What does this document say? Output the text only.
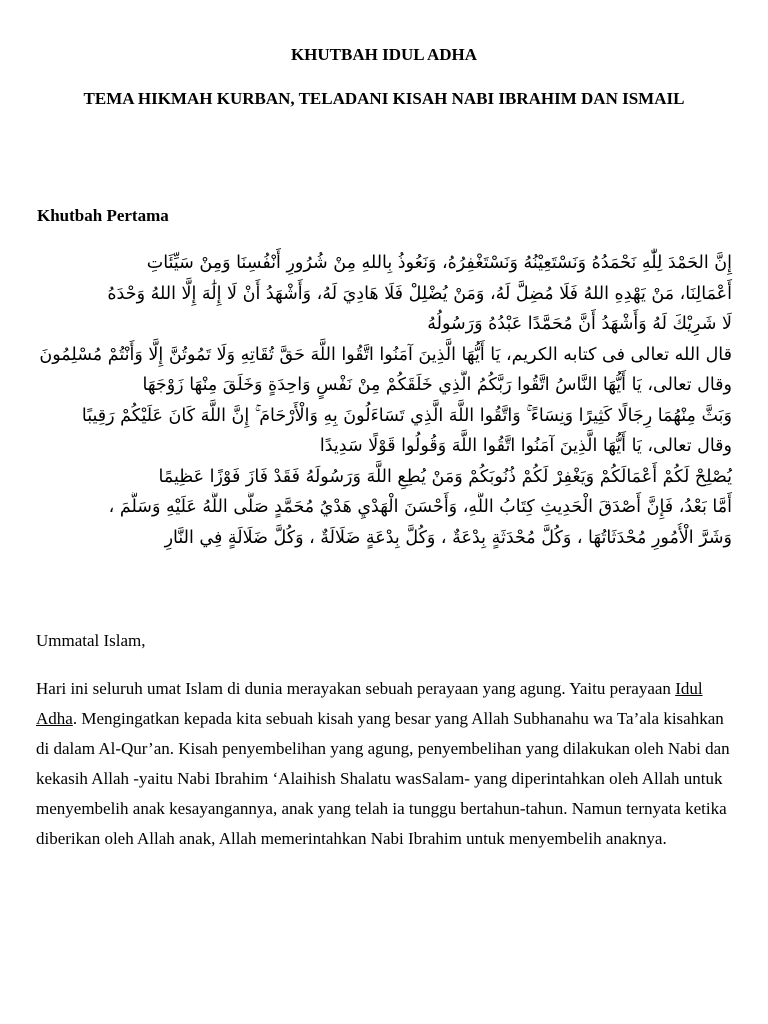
KHUTBAH IDUL ADHA
TEMA HIKMAH KURBAN, TELADANI KISAH NABI IBRAHIM DAN ISMAIL
Khutbah Pertama
إِنَّ الحَمْدَ لِلّٰهِ نَحْمَدُهُ وَنَسْتَعِيْنُهُ وَنَسْتَغْفِرُهُ، وَنَعُوذُ بِاللهِ مِنْ شُرُورِ أَنْفُسِنَا وَمِنْ سَيِّئَاتِ
أَعْمَالِنَا، مَنْ يَهْدِهِ اللهُ فَلَا مُضِلَّ لَهُ، وَمَنْ يُضْلِلْ فَلَا هَادِيَ لَهُ، وَأَشْهَدُ أَنْ لَا إِلَٰهَ إِلَّا اللهُ وَحْدَهُ
لَا شَرِيْكَ لَهُ وَأَشْهَدُ أَنَّ مُحَمَّدًا عَبْدُهُ وَرَسُولُهُ
قال الله تعالى فى كتابه الكريم، يَا أَيُّهَا الَّذِينَ آمَنُوا اتَّقُوا اللَّهَ حَقَّ تُقَاتِهِ وَلَا تَمُوتُنَّ إِلَّا وَأَنْتُمْ مُسْلِمُونَ
وقال تعالى، يَا أَيُّهَا النَّاسُ اتَّقُوا رَبَّكُمُ الَّذِي خَلَقَكُمْ مِنْ نَفْسٍ وَاحِدَةٍ وَخَلَقَ مِنْهَا زَوْجَهَا
وَبَثَّ مِنْهُمَا رِجَالًا كَثِيرًا وَنِسَاءً ۚ وَاتَّقُوا اللَّهَ الَّذِي تَسَاءَلُونَ بِهِ وَالْأَرْحَامَ ۚ إِنَّ اللَّهَ كَانَ عَلَيْكُمْ رَقِيبًا
وقال تعالى، يَا أَيُّهَا الَّذِينَ آمَنُوا اتَّقُوا اللَّهَ وَقُولُوا قَوْلًا سَدِيدًا
يُصْلِحْ لَكُمْ أَعْمَالَكُمْ وَيَغْفِرْ لَكُمْ ذُنُوبَكُمْ وَمَنْ يُطِعِ اللَّهَ وَرَسُولَهُ فَقَدْ فَازَ فَوْزًا عَظِيمًا
أَمَّا بَعْدُ، فَإِنَّ أَصْدَقَ الْحَدِيثِ كِتَابُ اللَّهِ، وَأَحْسَنَ الْهَدْيِ هَدْيُ مُحَمَّدٍ صَلَّى اللَّهُ عَلَيْهِ وَسَلَّمَ ،
وَشَرَّ الْأُمُورِ مُحْدَثَاتُهَا ، وَكُلَّ مُحْدَثَةٍ بِدْعَةٌ ، وَكُلَّ بِدْعَةٍ ضَلَالَةٌ ، وَكُلَّ ضَلَالَةٍ فِي النَّارِ
Ummatal Islam,
Hari ini seluruh umat Islam di dunia merayakan sebuah perayaan yang agung. Yaitu perayaan Idul Adha. Mengingatkan kepada kita sebuah kisah yang besar yang Allah Subhanahu wa Ta’ala kisahkan di dalam Al-Qur’an. Kisah penyembelihan yang agung, penyembelihan yang dilakukan oleh Nabi dan kekasih Allah -yaitu Nabi Ibrahim ‘Alaihish Shalatu wasSalam- yang diperintahkan oleh Allah untuk menyembelih anak kesayangannya, anak yang telah ia tunggu bertahun-tahun. Namun ternyata ketika diberikan oleh Allah anak, Allah memerintahkan Nabi Ibrahim untuk menyembelih anaknya.
